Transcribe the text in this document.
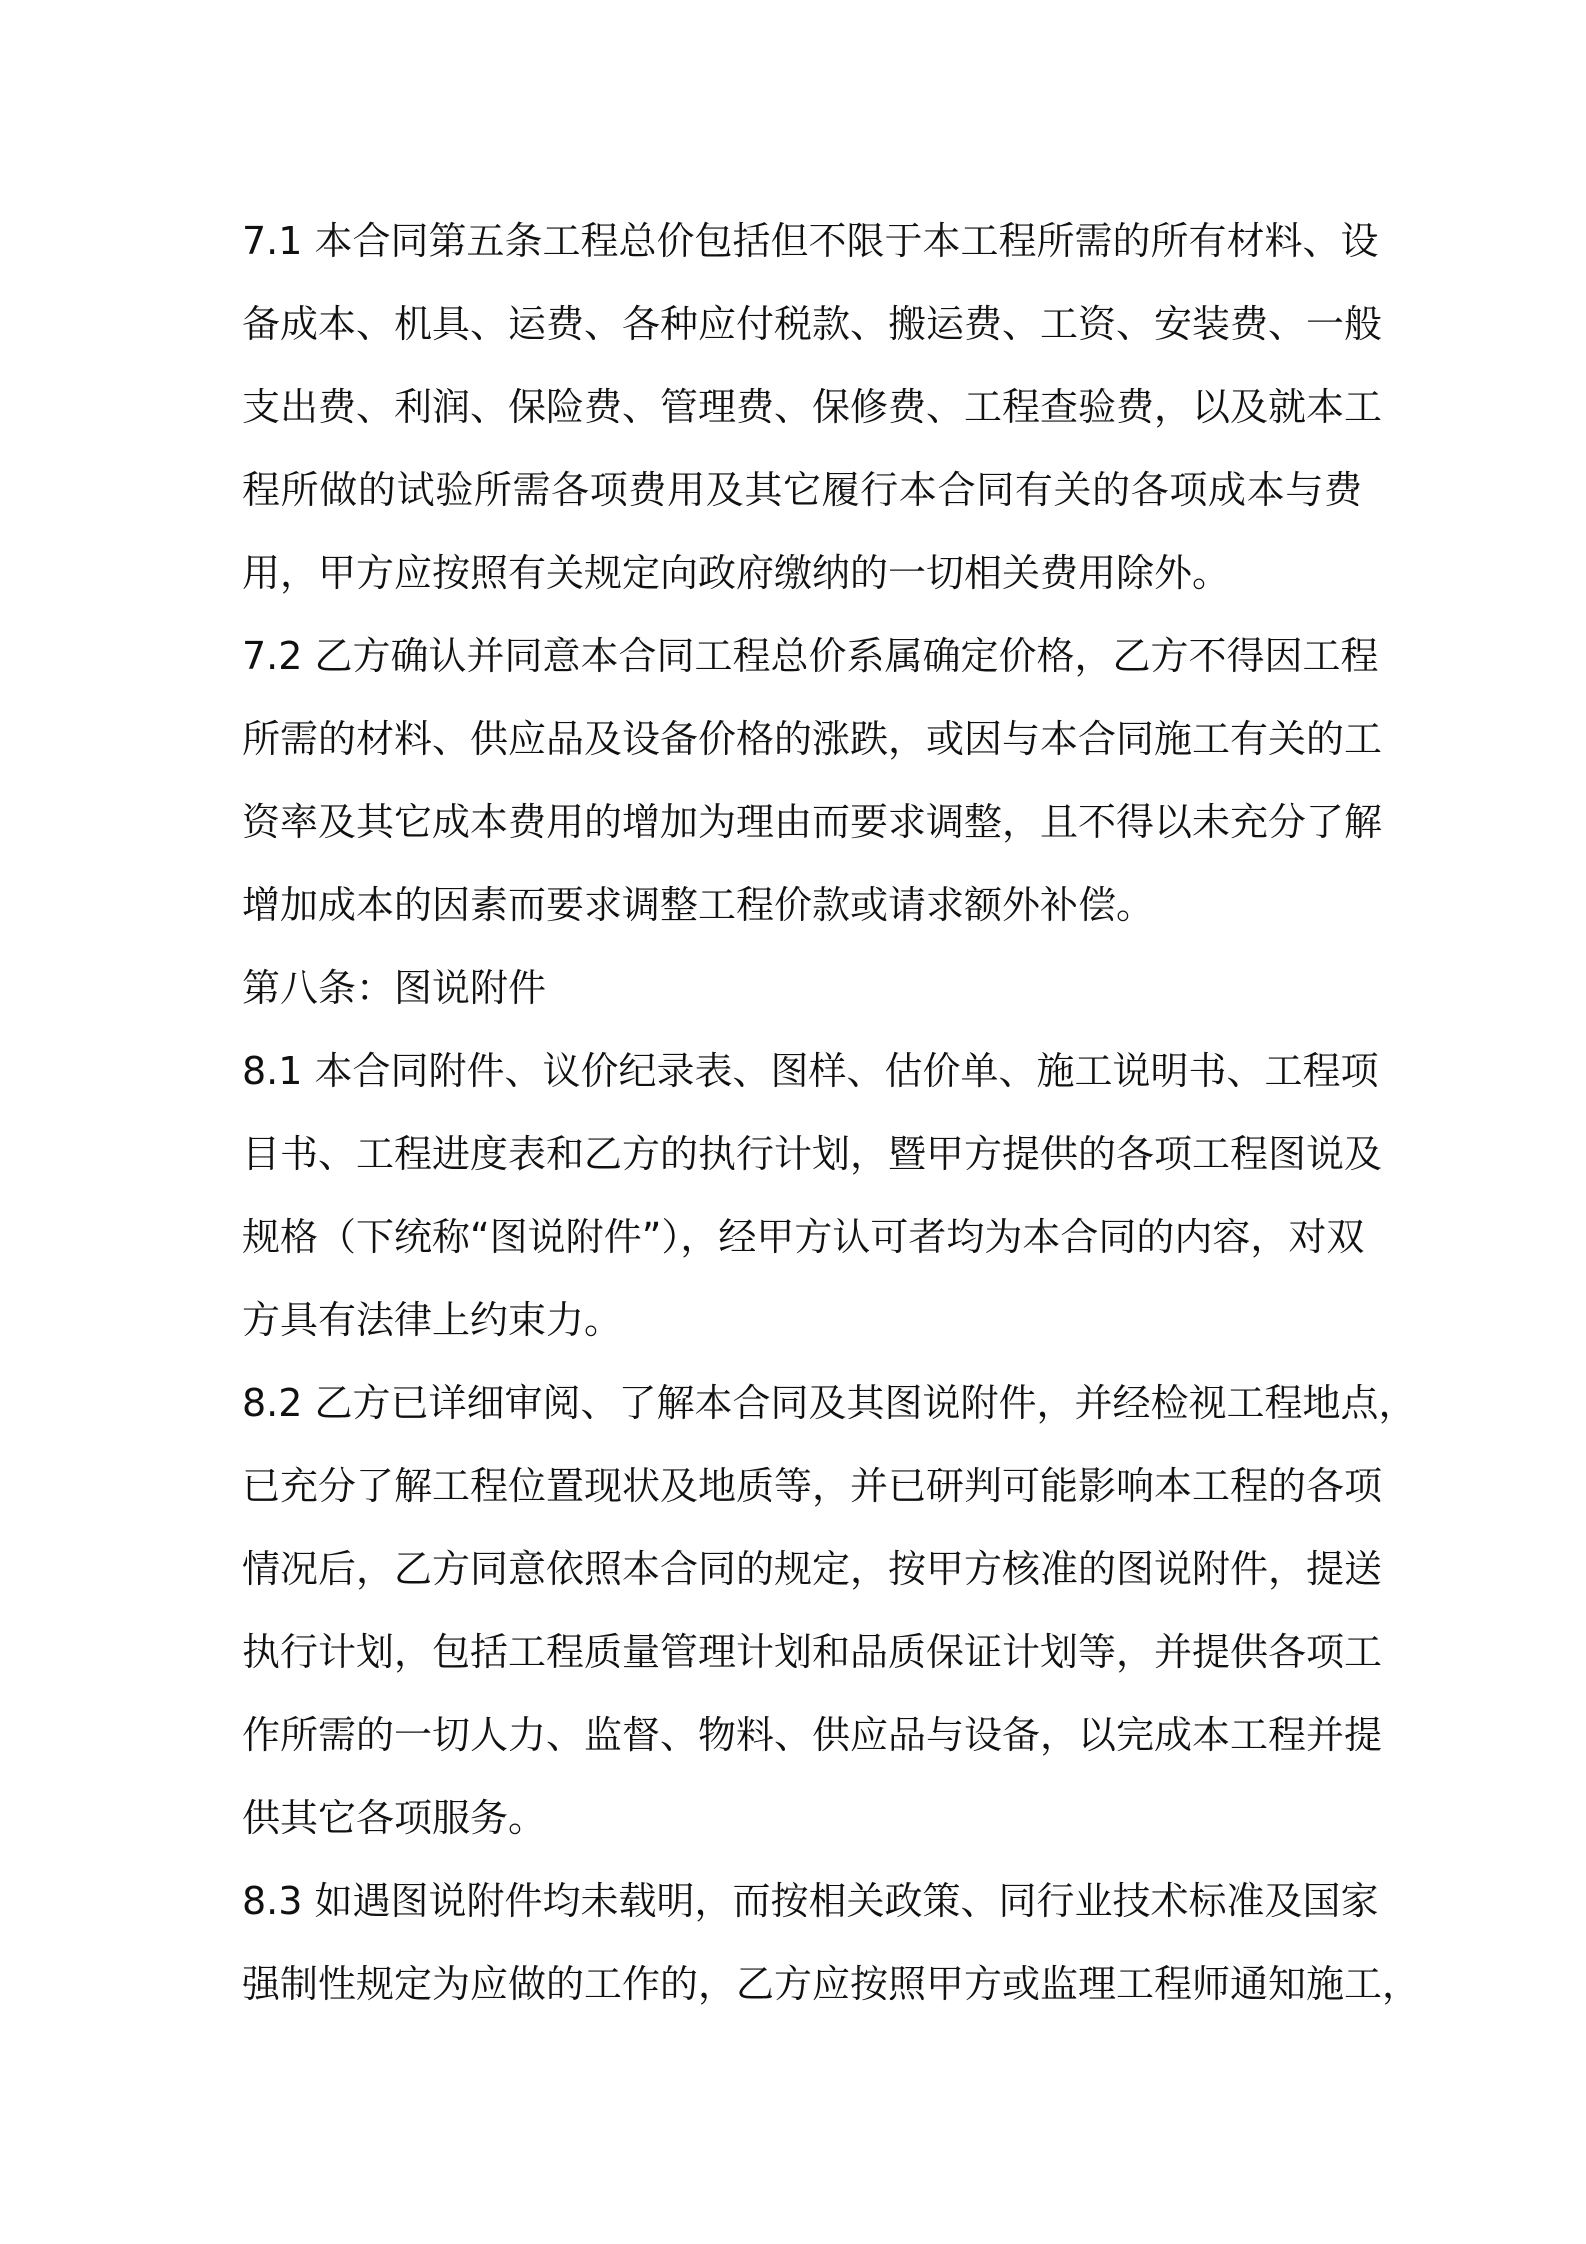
7.1 本合同第五条工程总价包括但不限于本工程所需的所有材料、设
备成本、机具、运费、各种应付税款、搬运费、工资、安装费、一般
支出费、利润、保险费、管理费、保修费、工程查验费，以及就本工
程所做的试验所需各项费用及其它履行本合同有关的各项成本与费
用，甲方应按照有关规定向政府缴纳的一切相关费用除外。
7.2 乙方确认并同意本合同工程总价系属确定价格，乙方不得因工程
所需的材料、供应品及设备价格的涨跌，或因与本合同施工有关的工
资率及其它成本费用的增加为理由而要求调整，且不得以未充分了解
增加成本的因素而要求调整工程价款或请求额外补偿。
第八条：图说附件
8.1 本合同附件、议价纪录表、图样、估价单、施工说明书、工程项
目书、工程进度表和乙方的执行计划，暨甲方提供的各项工程图说及
规格（下统称“图说附件”），经甲方认可者均为本合同的内容，对双
方具有法律上约束力。
8.2 乙方已详细审阅、了解本合同及其图说附件，并经检视工程地点，
已充分了解工程位置现状及地质等，并已研判可能影响本工程的各项
情况后，乙方同意依照本合同的规定，按甲方核准的图说附件，提送
执行计划，包括工程质量管理计划和品质保证计划等，并提供各项工
作所需的一切人力、监督、物料、供应品与设备，以完成本工程并提
供其它各项服务。
8.3 如遇图说附件均未载明，而按相关政策、同行业技术标准及国家
强制性规定为应做的工作的，乙方应按照甲方或监理工程师通知施工，
